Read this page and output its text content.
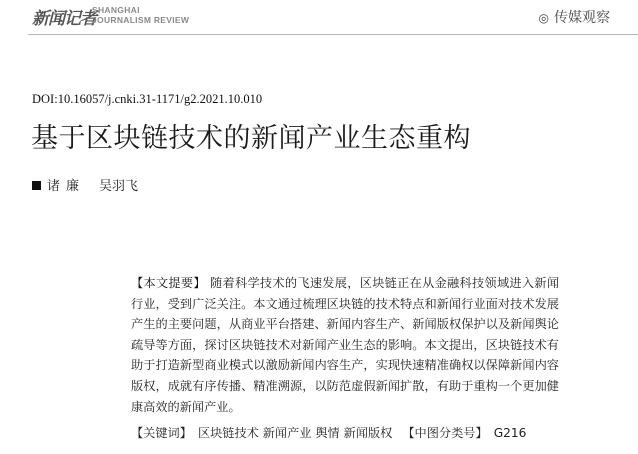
新闻记者
SHANGHAI
JOURNALISM REVIEW	◎ 传媒观察
DOI:10.16057/j.cnki.31-1171/g2.2021.10.010
基于区块链技术的新闻产业生态重构
诸廉 吴羽飞
【本文提要】 随着科学技术的飞速发展，区块链正在从金融科技领域进入新闻行业，受到广泛关注。本文通过梳理区块链的技术特点和新闻行业面对技术发展产生的主要问题，从商业平台搭建、新闻内容生产、新闻版权保护以及新闻舆论疏导等方面，探讨区块链技术对新闻产业生态的影响。本文提出，区块链技术有助于打造新型商业模式以激励新闻内容生产，实现快速精准确权以保障新闻内容版权，成就有序传播、精准溯源，以防范虚假新闻扩散，有助于重构一个更加健康高效的新闻产业。
【关键词】 区块链技术 新闻产业 舆情 新闻版权 【中图分类号】 G216
